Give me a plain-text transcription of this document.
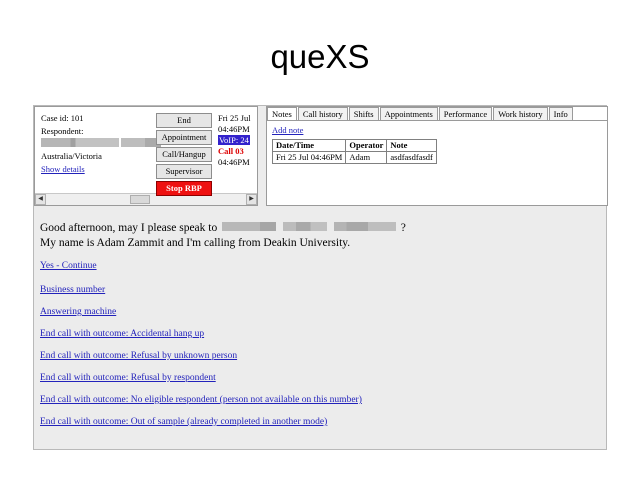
queXS
Case id: 101
Respondent:
Australia/Victoria
Show details
◀	▶
End
Appointment
Call/Hangup
Supervisor
Stop RBP
Fri 25 Jul
04:46PM
VoIP: 24
Call 03
04:46PM
Notes	Call history	Shifts	Appointments	Performance	Work history	Info
Add note
Date/Time	Operator	Note
Fri 25 Jul 04:46PM	Adam	asdfasdfasdf
Good afternoon, may I please speak to	?
My name is Adam Zammit and I'm calling from Deakin University.
Yes - Continue
Business number
Answering machine
End call with outcome: Accidental hang up
End call with outcome: Refusal by unknown person
End call with outcome: Refusal by respondent
End call with outcome: No eligible respondent (person not available on this number)
End call with outcome: Out of sample (already completed in another mode)
